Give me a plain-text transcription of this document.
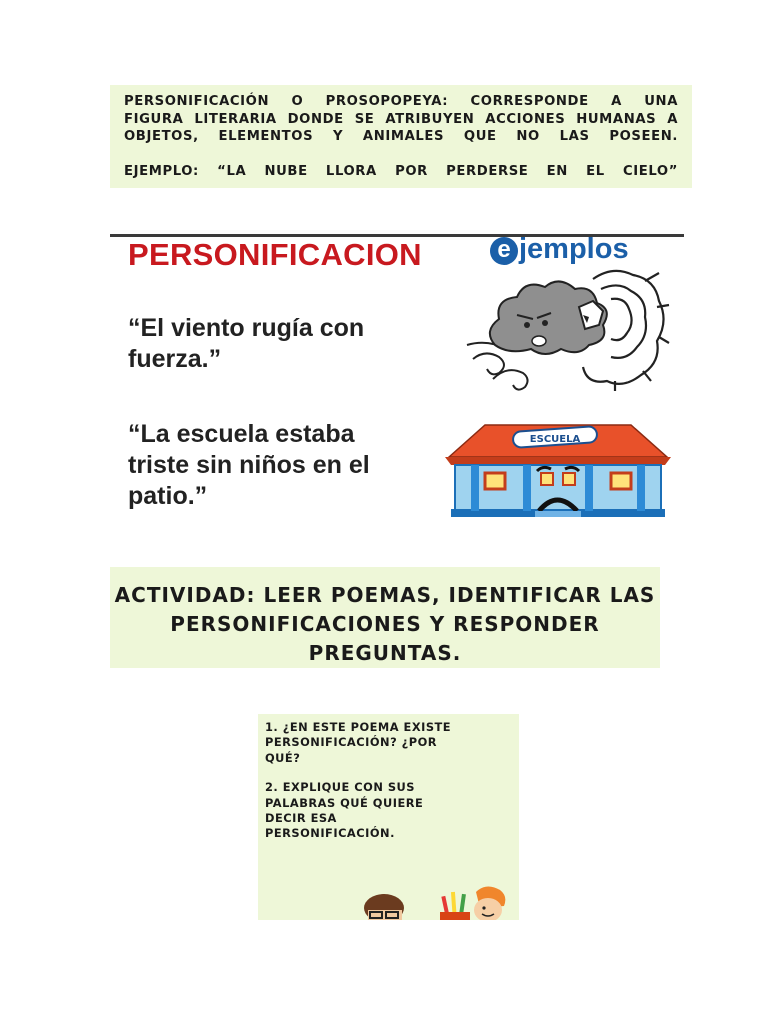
PERSONIFICACIÓN O PROSOPOPEYA: CORRESPONDE A UNA

FIGURA LITERARIA DONDE SE ATRIBUYEN ACCIONES HUMANAS A

OBJETOS, ELEMENTOS Y ANIMALES QUE NO LAS POSEEN.

EJEMPLO: “LA NUBE LLORA POR PERDERSE EN EL CIELO”

PERSONIFICACION	e jemplos
“El viento rugía con
fuerza.”
“La escuela estaba
triste sin niños en el
patio.”
ESCUELA
ACTIVIDAD: LEER POEMAS, IDENTIFICAR LAS
PERSONIFICACIONES Y RESPONDER
PREGUNTAS.

1. ¿EN ESTE POEMA EXISTE

PERSONIFICACIÓN? ¿POR

QUÉ?

2. EXPLIQUE CON SUS

PALABRAS QUÉ QUIERE

DECIR ESA

PERSONIFICACIÓN.
